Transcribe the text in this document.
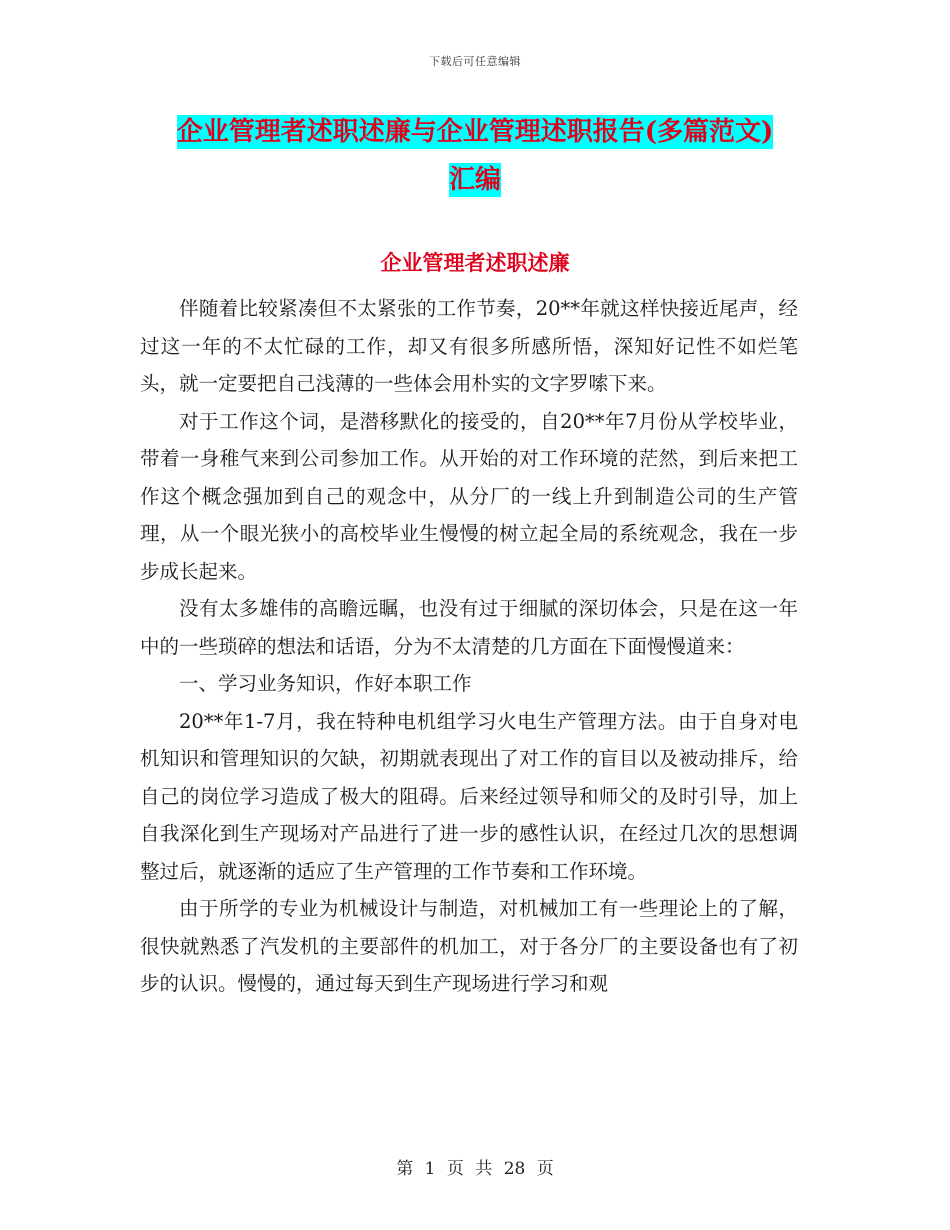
下载后可任意编辑
企业管理者述职述廉与企业管理述职报告(多篇范文)
汇编
企业管理者述职述廉

伴随着比较紧凑但不太紧张的工作节奏，20**年就这样快接近尾声，经过这一年的不太忙碌的工作，却又有很多所感所悟，深知好记性不如烂笔头，就一定要把自己浅薄的一些体会用朴实的文字罗嗦下来。

对于工作这个词，是潜移默化的接受的，自20**年7月份从学校毕业，带着一身稚气来到公司参加工作。从开始的对工作环境的茫然，到后来把工作这个概念强加到自己的观念中，从分厂的一线上升到制造公司的生产管理，从一个眼光狭小的高校毕业生慢慢的树立起全局的系统观念，我在一步步成长起来。

没有太多雄伟的高瞻远瞩，也没有过于细腻的深切体会，只是在这一年中的一些琐碎的想法和话语，分为不太清楚的几方面在下面慢慢道来：

一、学习业务知识，作好本职工作

20**年1-7月，我在特种电机组学习火电生产管理方法。由于自身对电机知识和管理知识的欠缺，初期就表现出了对工作的盲目以及被动排斥，给自己的岗位学习造成了极大的阻碍。后来经过领导和师父的及时引导，加上自我深化到生产现场对产品进行了进一步的感性认识，在经过几次的思想调整过后，就逐渐的适应了生产管理的工作节奏和工作环境。

由于所学的专业为机械设计与制造，对机械加工有一些理论上的了解，很快就熟悉了汽发机的主要部件的机加工，对于各分厂的主要设备也有了初步的认识。慢慢的，通过每天到生产现场进行学习和观

第 1 页 共 28 页
